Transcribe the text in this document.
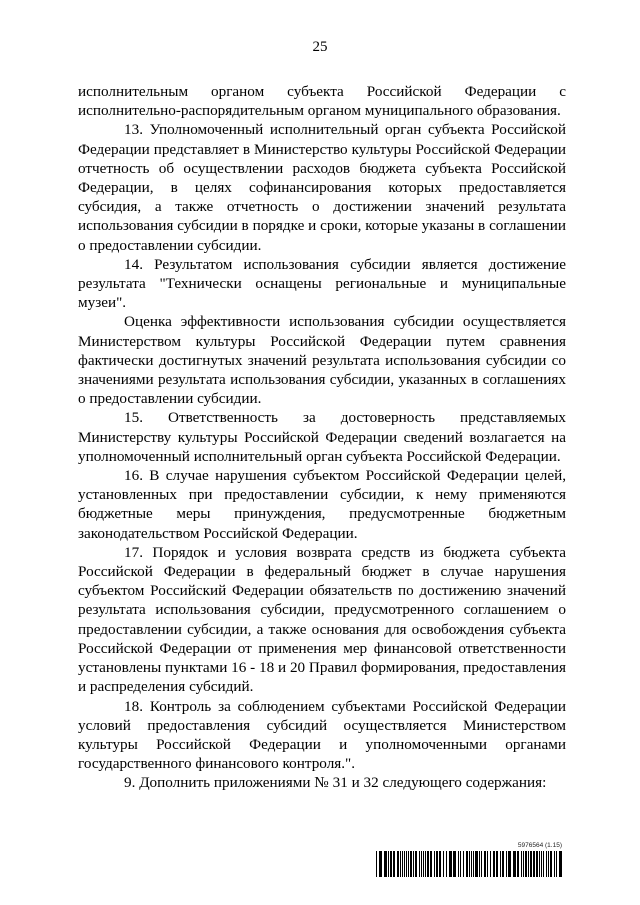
25

исполнительным органом субъекта Российской Федерации с исполнительно-распорядительным органом муниципального образования.

13. Уполномоченный исполнительный орган субъекта Российской Федерации представляет в Министерство культуры Российской Федерации отчетность об осуществлении расходов бюджета субъекта Российской Федерации, в целях софинансирования которых предоставляется субсидия, а также отчетность о достижении значений результата использования субсидии в порядке и сроки, которые указаны в соглашении о предоставлении субсидии.

14. Результатом использования субсидии является достижение результата "Технически оснащены региональные и муниципальные музеи".

Оценка эффективности использования субсидии осуществляется Министерством культуры Российской Федерации путем сравнения фактически достигнутых значений результата использования субсидии со значениями результата использования субсидии, указанных в соглашениях о предоставлении субсидии.

15. Ответственность за достоверность представляемых Министерству культуры Российской Федерации сведений возлагается на уполномоченный исполнительный орган субъекта Российской Федерации.

16. В случае нарушения субъектом Российской Федерации целей, установленных при предоставлении субсидии, к нему применяются бюджетные меры принуждения, предусмотренные бюджетным законодательством Российской Федерации.

17. Порядок и условия возврата средств из бюджета субъекта Российской Федерации в федеральный бюджет в случае нарушения субъектом Российский Федерации обязательств по достижению значений результата использования субсидии, предусмотренного соглашением о предоставлении субсидии, а также основания для освобождения субъекта Российской Федерации от применения мер финансовой ответственности установлены пунктами 16 - 18 и 20 Правил формирования, предоставления и распределения субсидий.

18. Контроль за соблюдением субъектами Российской Федерации условий предоставления субсидий осуществляется Министерством культуры Российской Федерации и уполномоченными органами государственного финансового контроля.".

9. Дополнить приложениями № 31 и 32 следующего содержания:

5976564 (1.15)
